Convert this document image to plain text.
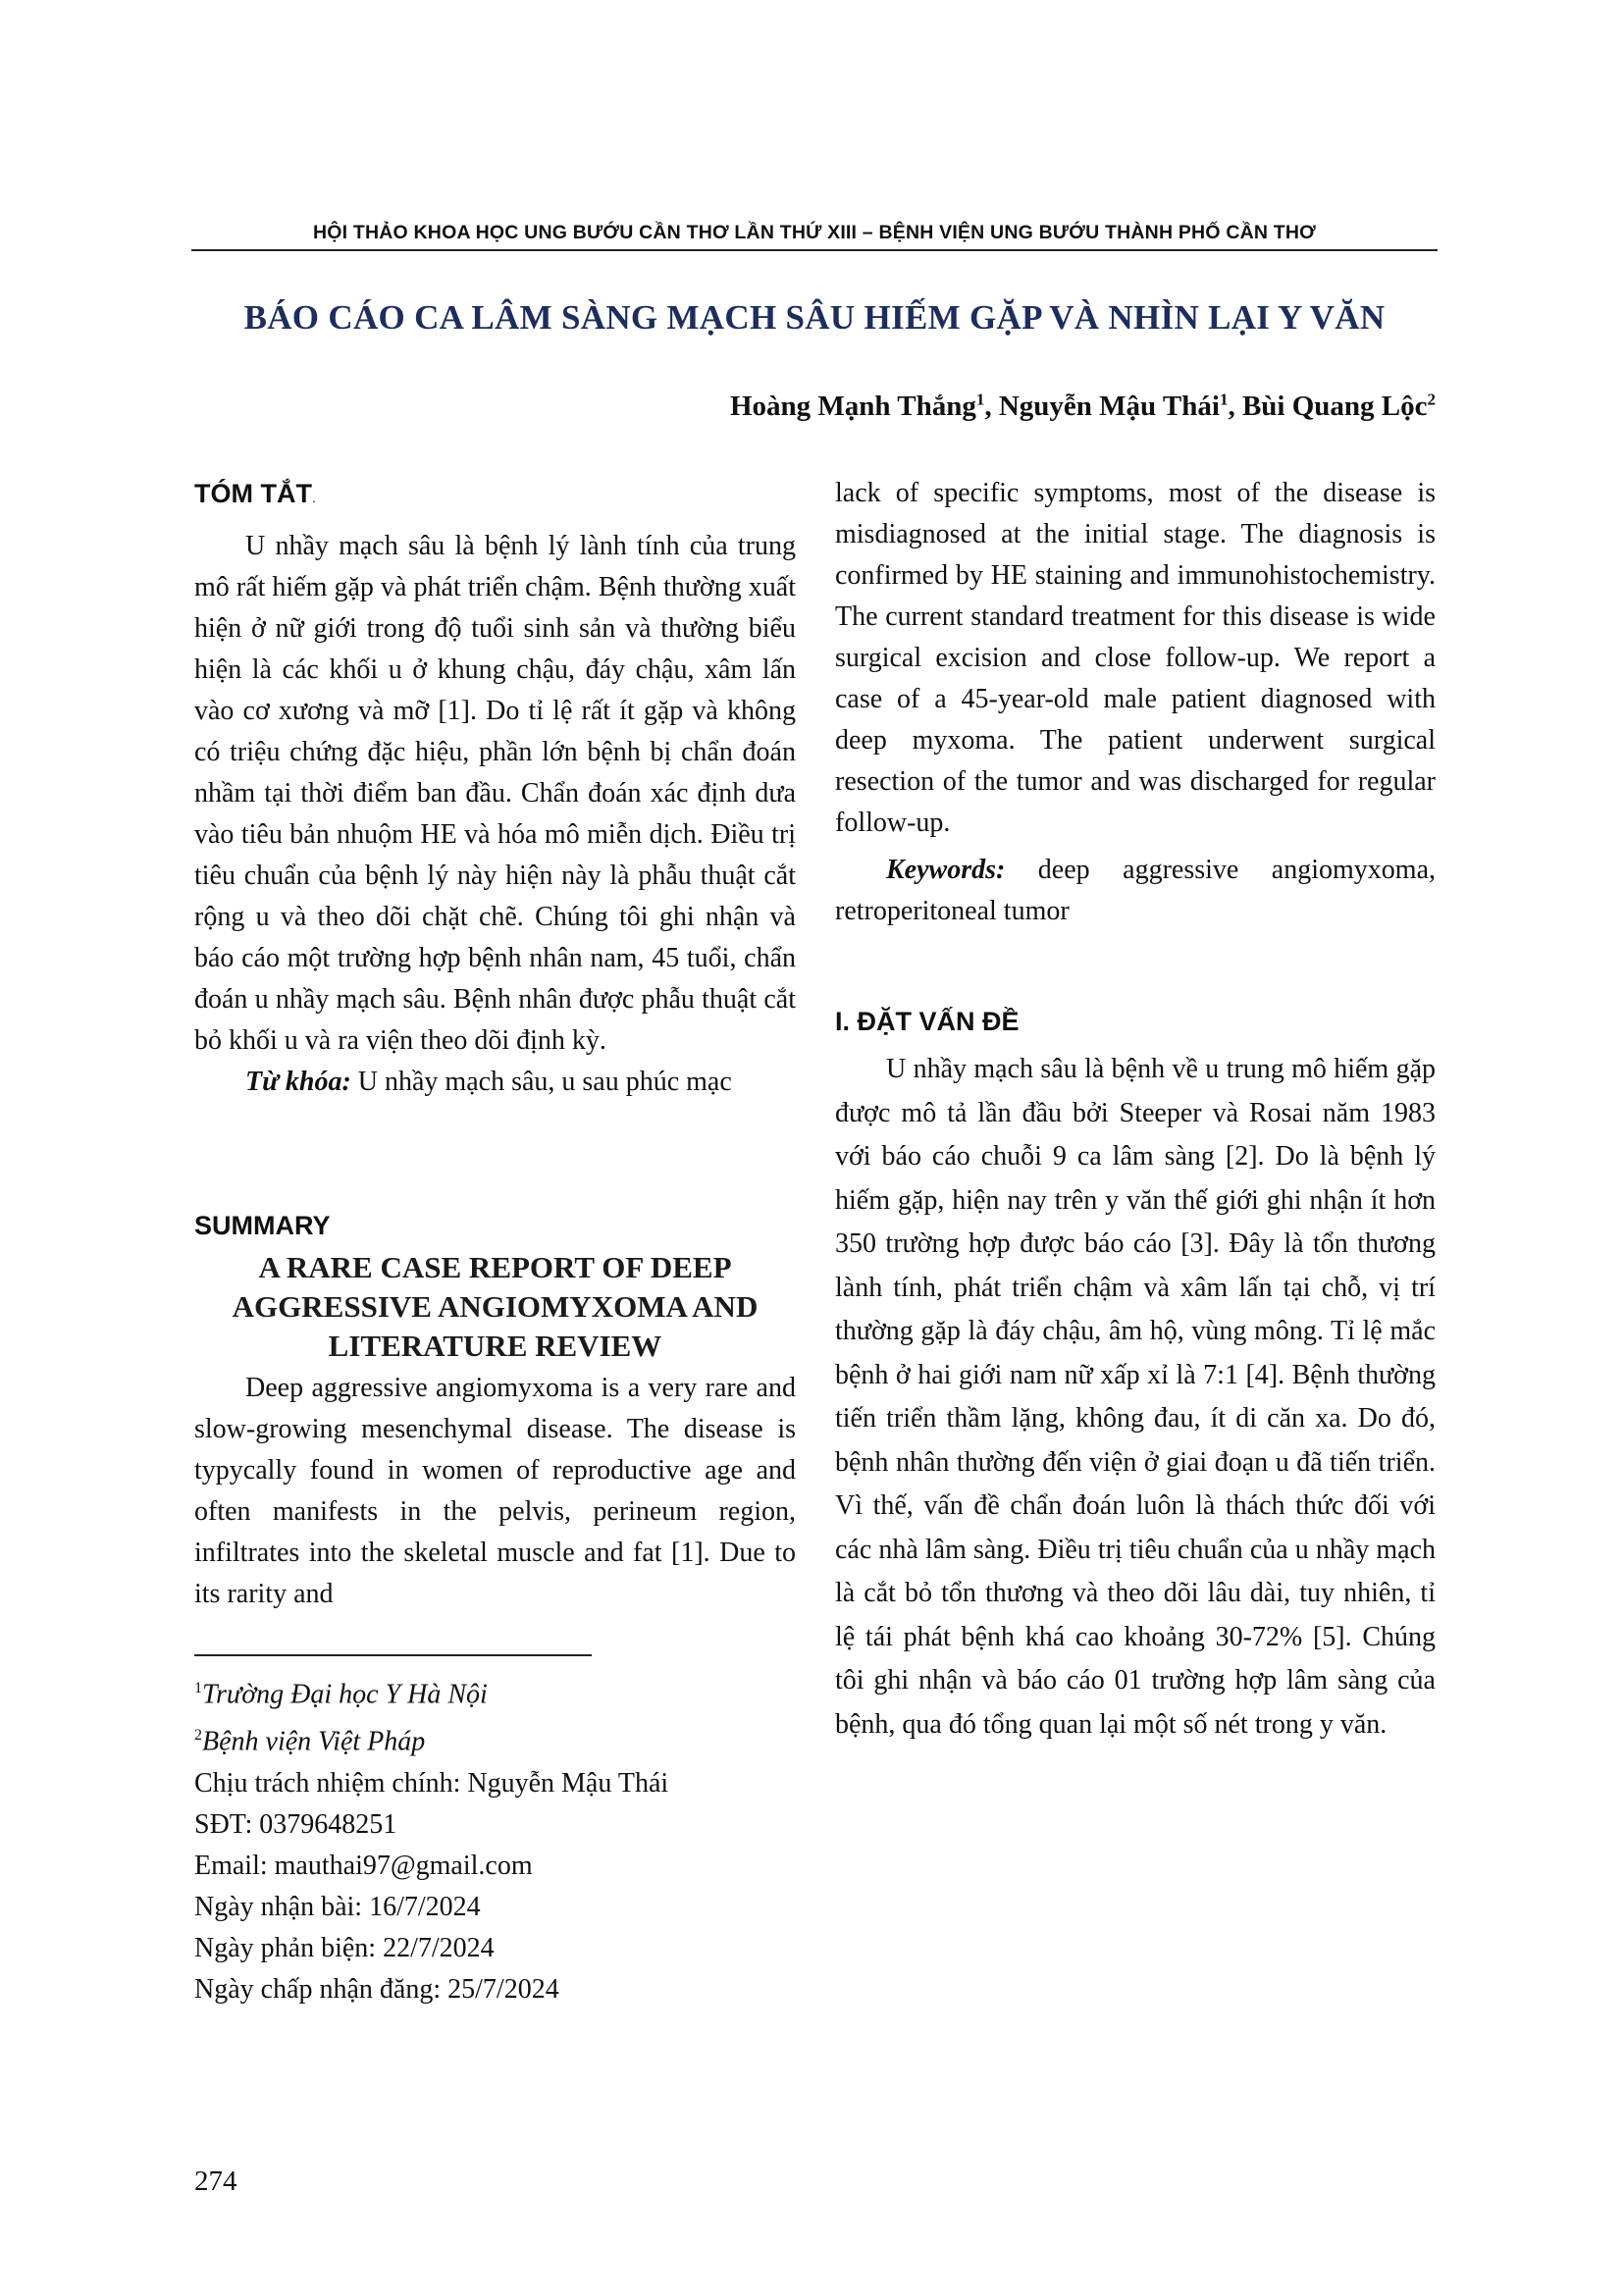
HỘI THẢO KHOA HỌC UNG BƯỚU CẦN THƠ LẦN THỨ XIII – BỆNH VIỆN UNG BƯỚU THÀNH PHỐ CẦN THƠ
BÁO CÁO CA LÂM SÀNG MẠCH SÂU HIẾM GẶP VÀ NHÌN LẠI Y VĂN
Hoàng Mạnh Thắng$^1$, Nguyễn Mậu Thái$^1$, Bùi Quang Lộc$^2$
TÓM TẮT.

U nhầy mạch sâu là bệnh lý lành tính của trung mô rất hiếm gặp và phát triển chậm. Bệnh thường xuất hiện ở nữ giới trong độ tuổi sinh sản và thường biểu hiện là các khối u ở khung chậu, đáy chậu, xâm lấn vào cơ xương và mỡ [1]. Do tỉ lệ rất ít gặp và không có triệu chứng đặc hiệu, phần lớn bệnh bị chẩn đoán nhầm tại thời điểm ban đầu. Chẩn đoán xác định dưa vào tiêu bản nhuộm HE và hóa mô miễn dịch. Điều trị tiêu chuẩn của bệnh lý này hiện này là phẫu thuật cắt rộng u và theo dõi chặt chẽ. Chúng tôi ghi nhận và báo cáo một trường hợp bệnh nhân nam, 45 tuổi, chẩn đoán u nhầy mạch sâu. Bệnh nhân được phẫu thuật cắt bỏ khối u và ra viện theo dõi định kỳ.

Từ khóa: U nhầy mạch sâu, u sau phúc mạc

SUMMARY
A RARE CASE REPORT OF DEEP AGGRESSIVE ANGIOMYXOMA AND LITERATURE REVIEW

Deep aggressive angiomyxoma is a very rare and slow-growing mesenchymal disease. The disease is typycally found in women of reproductive age and often manifests in the pelvis, perineum region, infiltrates into the skeletal muscle and fat [1]. Due to its rarity and

$^1$Trường Đại học Y Hà Nội
$^2$Bệnh viện Việt Pháp
Chịu trách nhiệm chính: Nguyễn Mậu Thái
SĐT: 0379648251
Email: mauthai97@gmail.com
Ngày nhận bài: 16/7/2024
Ngày phản biện: 22/7/2024
Ngày chấp nhận đăng: 25/7/2024

lack of specific symptoms, most of the disease is misdiagnosed at the initial stage. The diagnosis is confirmed by HE staining and immunohistochemistry. The current standard treatment for this disease is wide surgical excision and close follow-up. We report a case of a 45-year-old male patient diagnosed with deep myxoma. The patient underwent surgical resection of the tumor and was discharged for regular follow-up.

Keywords: deep aggressive angiomyxoma, retroperitoneal tumor

I. ĐẶT VẤN ĐỀ

U nhầy mạch sâu là bệnh về u trung mô hiếm gặp được mô tả lần đầu bởi Steeper và Rosai năm 1983 với báo cáo chuỗi 9 ca lâm sàng [2]. Do là bệnh lý hiếm gặp, hiện nay trên y văn thế giới ghi nhận ít hơn 350 trường hợp được báo cáo [3]. Đây là tổn thương lành tính, phát triển chậm và xâm lấn tại chỗ, vị trí thường gặp là đáy chậu, âm hộ, vùng mông. Tỉ lệ mắc bệnh ở hai giới nam nữ xấp xỉ là 7:1 [4]. Bệnh thường tiến triển thầm lặng, không đau, ít di căn xa. Do đó, bệnh nhân thường đến viện ở giai đoạn u đã tiến triển. Vì thế, vấn đề chẩn đoán luôn là thách thức đối với các nhà lâm sàng. Điều trị tiêu chuẩn của u nhầy mạch là cắt bỏ tổn thương và theo dõi lâu dài, tuy nhiên, tỉ lệ tái phát bệnh khá cao khoảng 30-72% [5]. Chúng tôi ghi nhận và báo cáo 01 trường hợp lâm sàng của bệnh, qua đó tổng quan lại một số nét trong y văn.

274
